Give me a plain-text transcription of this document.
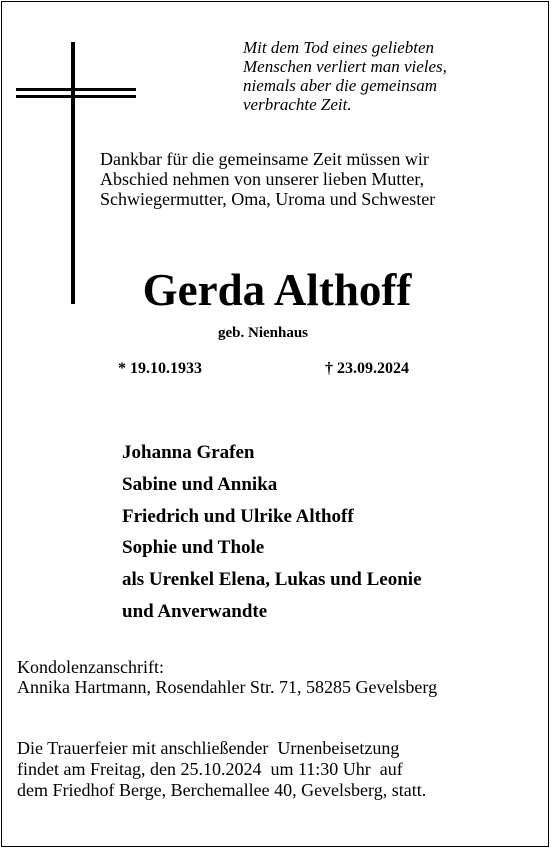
Mit dem Tod eines geliebten
Menschen verliert man vieles,
niemals aber die gemeinsam
verbrachte Zeit.
Dankbar für die gemeinsame Zeit müssen wir
Abschied nehmen von unserer lieben Mutter,
Schwiegermutter, Oma, Uroma und Schwester
Gerda Althoff
geb. Nienhaus
* 19.10.1933	† 23.09.2024
Johanna Grafen
Sabine und Annika
Friedrich und Ulrike Althoff
Sophie und Thole
als Urenkel Elena, Lukas und Leonie
und Anverwandte
Kondolenzanschrift:
Annika Hartmann, Rosendahler Str. 71, 58285 Gevelsberg
Die Trauerfeier mit anschließender  Urnenbeisetzung
findet am Freitag, den 25.10.2024  um 11:30 Uhr  auf
dem Friedhof Berge, Berchemallee 40, Gevelsberg, statt.
